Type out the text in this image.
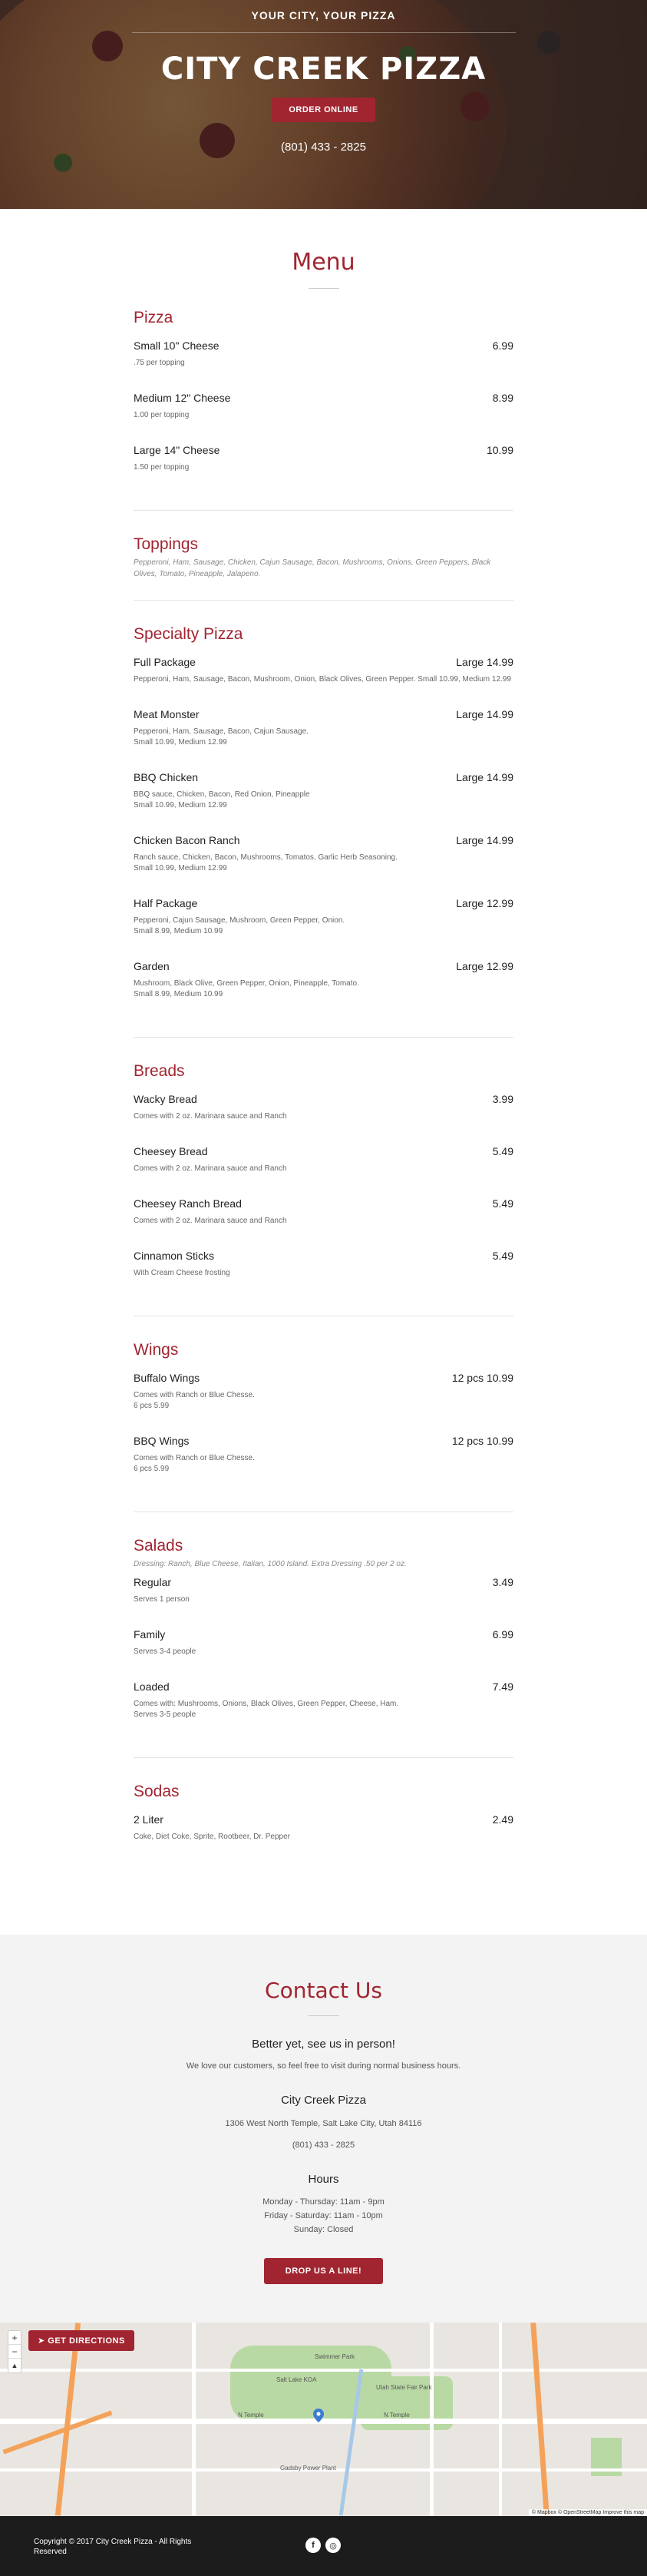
YOUR CITY, YOUR PIZZA
CITY CREEK PIZZA
ORDER ONLINE
(801) 433 - 2825
Menu
Pizza
Small 10" Cheese	6.99
.75 per topping
Medium 12" Cheese	8.99
1.00 per topping
Large 14" Cheese	10.99
1.50 per topping
Toppings
Pepperoni, Ham, Sausage, Chicken, Cajun Sausage, Bacon, Mushrooms, Onions, Green Peppers, Black Olives, Tomato, Pineapple, Jalapeno.
Specialty Pizza
Full Package	Large 14.99
Pepperoni, Ham, Sausage, Bacon, Mushroom, Onion, Black Olives, Green Pepper. Small 10.99, Medium 12.99
Meat Monster	Large 14.99
Pepperoni, Ham, Sausage, Bacon, Cajun Sausage.
Small 10.99, Medium 12.99
BBQ Chicken	Large 14.99
BBQ sauce, Chicken, Bacon, Red Onion, Pineapple
Small 10.99, Medium 12.99
Chicken Bacon Ranch	Large 14.99
Ranch sauce, Chicken, Bacon, Mushrooms, Tomatos, Garlic Herb Seasoning.
Small 10.99, Medium 12.99
Half Package	Large 12.99
Pepperoni, Cajun Sausage, Mushroom, Green Pepper, Onion.
Small 8.99, Medium 10.99
Garden	Large 12.99
Mushroom, Black Olive, Green Pepper, Onion, Pineapple, Tomato.
Small 8.99, Medium 10.99
Breads
Wacky Bread	3.99
Comes with 2 oz. Marinara sauce and Ranch
Cheesey Bread	5.49
Comes with 2 oz. Marinara sauce and Ranch
Cheesey Ranch Bread	5.49
Comes with 2 oz. Marinara sauce and Ranch
Cinnamon Sticks	5.49
With Cream Cheese frosting
Wings
Buffalo Wings	12 pcs 10.99
Comes with Ranch or Blue Chesse.
6 pcs 5.99
BBQ Wings	12 pcs 10.99
Comes with Ranch or Blue Chesse.
6 pcs 5.99
Salads
Dressing: Ranch, Blue Cheese, Italian, 1000 Island. Extra Dressing .50 per 2 oz.
Regular	3.49
Serves 1 person
Family	6.99
Serves 3-4 people
Loaded	7.49
Comes with: Mushrooms, Onions, Black Olives, Green Pepper, Cheese, Ham.
Serves 3-5 people
Sodas
2 Liter	2.49
Coke, Diet Coke, Sprite, Rootbeer, Dr. Pepper
Contact Us
Better yet, see us in person!
We love our customers, so feel free to visit during normal business hours.
City Creek Pizza
1306 West North Temple, Salt Lake City, Utah 84116
(801) 433 - 2825
Hours
Monday - Thursday: 11am - 9pm
Friday - Saturday: 11am - 10pm
Sunday: Closed
DROP US A LINE!
N Temple	N Temple
Salt Lake KOA
Utah State Fair Park
Swimmer Park
Gadsby Power Plant
+
−
▲
➤ GET DIRECTIONS
© Mapbox © OpenStreetMap Improve this map
Copyright © 2017 City Creek Pizza - All Rights Reserved
f	◎
